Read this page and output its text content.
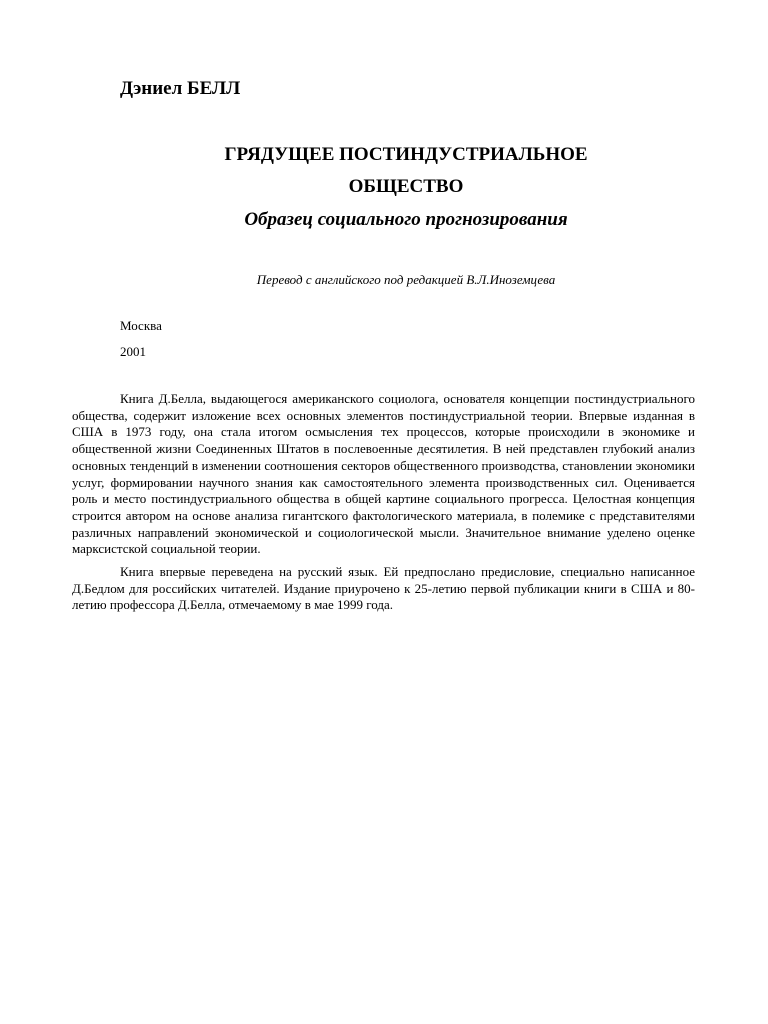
Дэниел БЕЛЛ
ГРЯДУЩЕЕ ПОСТИНДУСТРИАЛЬНОЕ
ОБЩЕСТВО
Образец социального прогнозирования

Перевод с английского под редакцией В.Л.Иноземцева

Москва

2001

Книга Д.Белла, выдающегося американского социолога, основателя концепции постиндустриального общества, содержит изложение всех основных элементов постиндустриальной теории. Впервые изданная в США в 1973 году, она стала итогом осмысления тех процессов, которые происходили в экономике и общественной жизни Соединенных Штатов в послевоенные десятилетия. В ней представлен глубокий анализ основных тенденций в изменении соотношения секторов общественного производства, становлении экономики услуг, формировании научного знания как самостоятельного элемента производственных сил. Оценивается роль и место постиндустриального общества в общей картине социального прогресса. Целостная концепция строится автором на основе анализа гигантского фактологического материала, в полемике с представителями различных направлений экономической и социологической мысли. Значительное внимание уделено оценке марксистской социальной теории.

Книга впервые переведена на русский язык. Ей предпослано предисловие, специально написанное Д.Бедлом для российских читателей. Издание приурочено к 25-летию первой публикации книги в США и 80-летию профессора Д.Белла, отмечаемому в мае 1999 года.
